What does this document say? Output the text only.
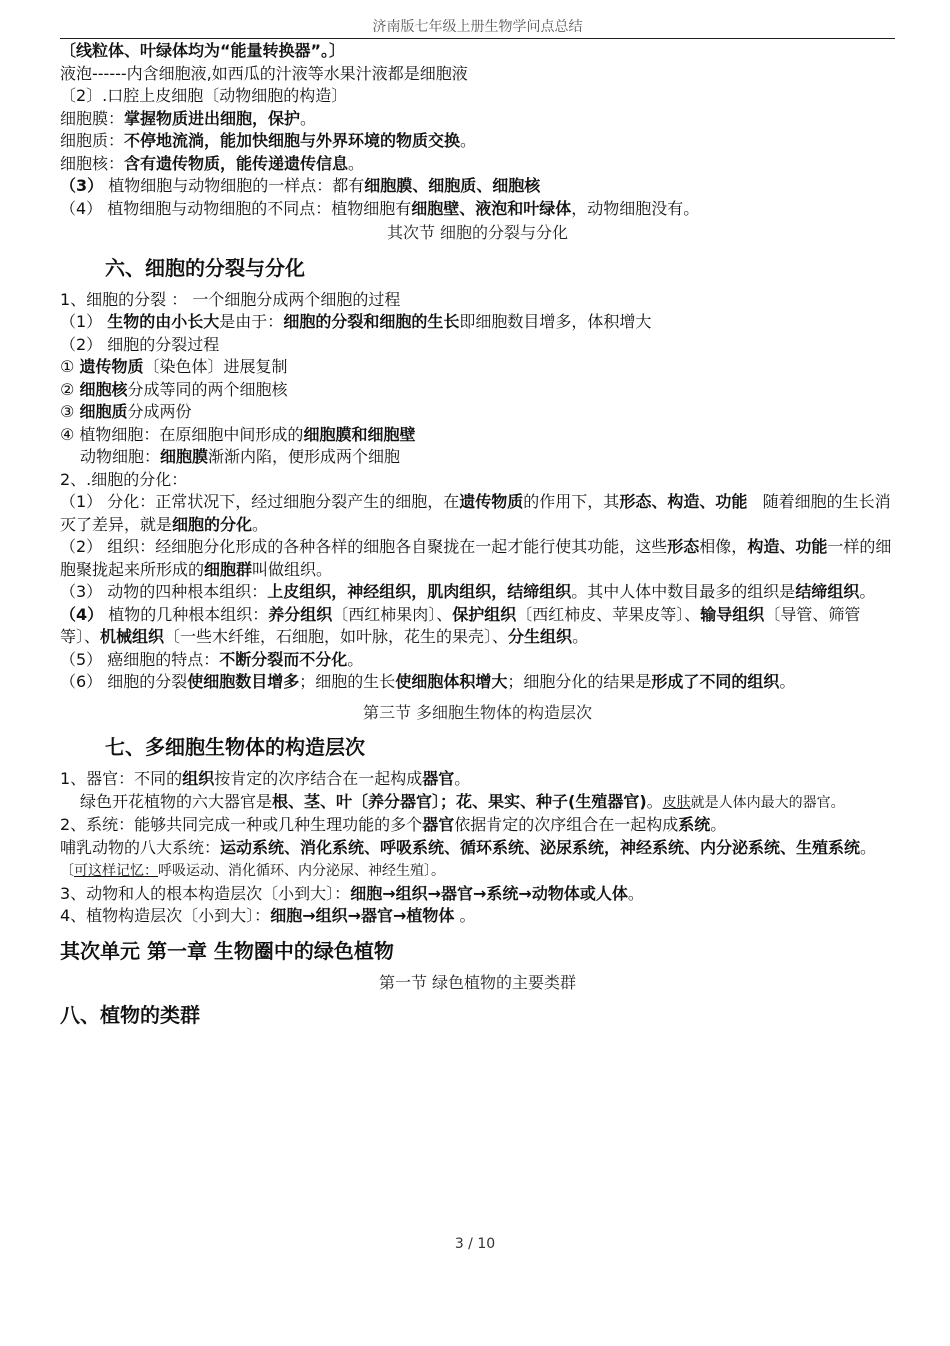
济南版七年级上册生物学问点总结
〔线粒体、叶绿体均为“能量转换器”。〕
液泡------内含细胞液,如西瓜的汁液等水果汁液都是细胞液
〔2〕.口腔上皮细胞〔动物细胞的构造〕
细胞膜：掌握物质进出细胞，保护。
细胞质：不停地流淌，能加快细胞与外界环境的物质交换。
细胞核：含有遗传物质，能传递遗传信息。
（3） 植物细胞与动物细胞的一样点：都有细胞膜、细胞质、细胞核
（4） 植物细胞与动物细胞的不同点：植物细胞有细胞壁、液泡和叶绿体，动物细胞没有。
其次节 细胞的分裂与分化
六、细胞的分裂与分化
1、细胞的分裂 ： 一个细胞分成两个细胞的过程
（1） 生物的由小长大是由于：细胞的分裂和细胞的生长即细胞数目增多，体积增大
（2） 细胞的分裂过程
① 遗传物质〔染色体〕进展复制
② 细胞核分成等同的两个细胞核
③ 细胞质分成两份
④ 植物细胞：在原细胞中间形成的细胞膜和细胞壁
动物细胞：细胞膜渐渐内陷，便形成两个细胞
2、.细胞的分化：
（1） 分化：正常状况下，经过细胞分裂产生的细胞，在遗传物质的作用下，其形态、构造、功能 随着细胞的生长消灭了差异，就是细胞的分化。
（2） 组织：经细胞分化形成的各种各样的细胞各自聚拢在一起才能行使其功能，这些形态相像，构造、功能一样的细胞聚拢起来所形成的细胞群叫做组织。
（3） 动物的四种根本组织：上皮组织，神经组织，肌肉组织，结缔组织。其中人体中数目最多的组织是结缔组织。
（4） 植物的几种根本组织：养分组织〔西红柿果肉〕、保护组织〔西红柿皮、苹果皮等〕、输导组织〔导管、筛管等〕、机械组织〔一些木纤维，石细胞，如叶脉，花生的果壳〕、分生组织。
（5） 癌细胞的特点：不断分裂而不分化。
（6） 细胞的分裂使细胞数目增多；细胞的生长使细胞体积增大；细胞分化的结果是形成了不同的组织。
第三节 多细胞生物体的构造层次
七、多细胞生物体的构造层次
1、器官：不同的组织按肯定的次序结合在一起构成器官。
绿色开花植物的六大器官是根、茎、叶〔养分器官〕；花、果实、种子(生殖器官)。皮肤就是人体内最大的器官。
2、系统：能够共同完成一种或几种生理功能的多个器官依据肯定的次序组合在一起构成系统。
哺乳动物的八大系统：运动系统、消化系统、呼吸系统、循环系统、泌尿系统，神经系统、内分泌系统、生殖系统。〔可这样记忆：呼吸运动、消化循环、内分泌尿、神经生殖〕。
3、动物和人的根本构造层次〔小到大〕：细胞→组织→器官→系统→动物体或人体。
4、植物构造层次〔小到大〕：细胞→组织→器官→植物体 。
其次单元 第一章 生物圈中的绿色植物
第一节 绿色植物的主要类群
八、植物的类群
3 / 10
